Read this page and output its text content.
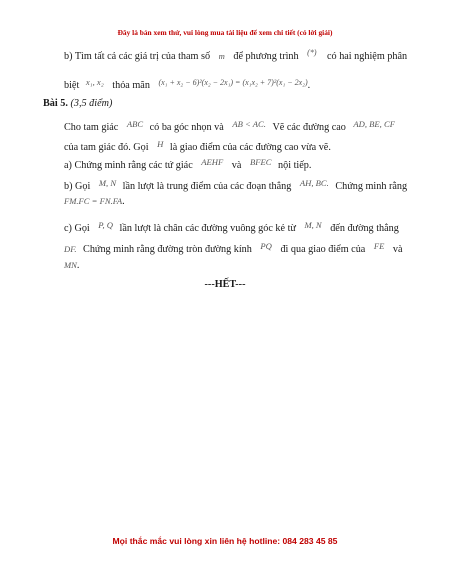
Đây là bản xem thử, vui lòng mua tài liệu để xem chi tiết (có lời giải)
b) Tìm tất cả các giá trị của tham số m để phương trình (*) có hai nghiệm phân
biệt $^{x_1, x_2}$ thỏa mãn $^{(x_1 + x_2 - 6)^2(x_2 - 2x_1) = (x_1x_2 + 7)^2(x_1 - 2x_2)}$.
Bài 5. (3,5 điểm)
Cho tam giác $^{ABC}$ có ba góc nhọn và $^{AB < AC.}$ Vẽ các đường cao $^{AD, BE, CF}$
của tam giác đó. Gọi $^H$ là giao điểm của các đường cao vừa vẽ.
a) Chứng minh rằng các tứ giác $^{AEHF}$ và $^{BFEC}$ nội tiếp.
b) Gọi $^{M, N}$ lần lượt là trung điểm của các đoạn thẳng $^{AH, BC.}$ Chứng minh rằng
FM.FC = FN.FA.
c) Gọi $^{P, Q}$ lần lượt là chân các đường vuông góc kẻ từ $^{M, N}$ đến đường thẳng
DF. Chứng minh rằng đường tròn đường kính $^{PQ}$ đi qua giao điểm của $^{FE}$ và
MN.
---HẾT---
Mọi thắc mắc vui lòng xin liên hệ hotline: 084 283 45 85
